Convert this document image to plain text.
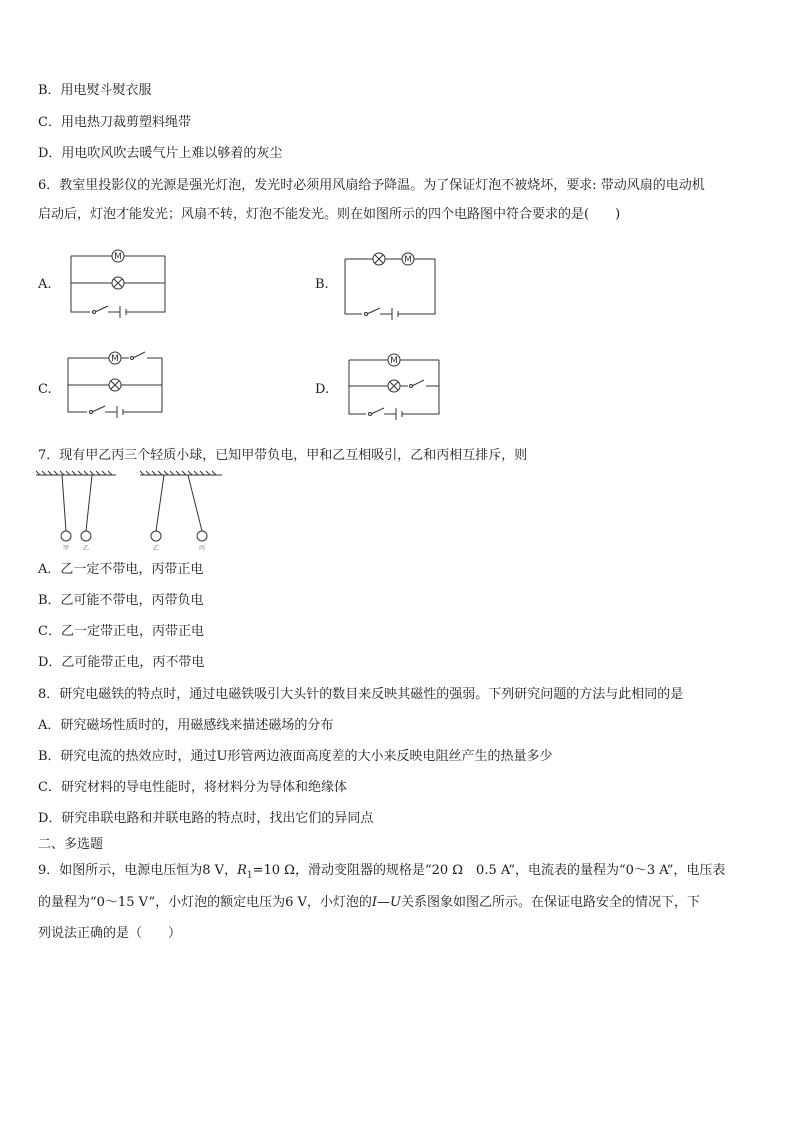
B．用电熨斗熨衣服
C．用电热刀裁剪塑料绳带
D．用电吹风吹去暖气片上难以够着的灰尘
6．教室里投影仪的光源是强光灯泡，发光时必须用风扇给予降温。为了保证灯泡不被烧坏，要求: 带动风扇的电动机
启动后，灯泡才能发光；风扇不转，灯泡不能发光。则在如图所示的四个电路图中符合要求的是(　　)
A.	B.
C.	D.
M	M
M	M
7．现有甲乙丙三个轻质小球，已知甲带负电，甲和乙互相吸引，乙和丙相互排斥，则
甲 乙	乙	丙
A．乙一定不带电，丙带正电
B．乙可能不带电，丙带负电
C．乙一定带正电，丙带正电
D．乙可能带正电，丙不带电
8．研究电磁铁的特点时，通过电磁铁吸引大头针的数目来反映其磁性的强弱。下列研究问题的方法与此相同的是
A．研究磁场性质时的，用磁感线来描述磁场的分布
B．研究电流的热效应时，通过U形管两边液面高度差的大小来反映电阻丝产生的热量多少
C．研究材料的导电性能时，将材料分为导体和绝缘体
D．研究串联电路和并联电路的特点时，找出它们的异同点
二、多选题
9．如图所示，电源电压恒为8 V，$R_1=10$ Ω，滑动变阻器的规格是“20 Ω　0.5 A”，电流表的量程为“0～3 A”，电压表
的量程为“0～15 V”，小灯泡的额定电压为6 V，小灯泡的I—U关系图象如图乙所示。在保证电路安全的情况下，下
列说法正确的是（　　）
